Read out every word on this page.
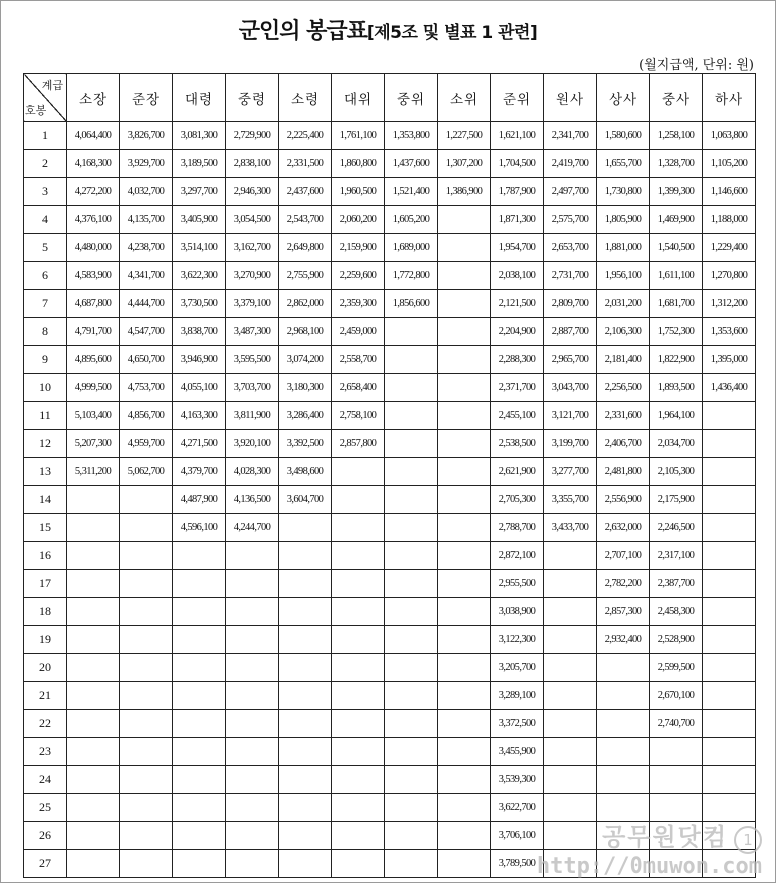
군인의 봉급표[제5조 및 별표 1 관련]
(월지급액, 단위: 원)
계급
호봉	소장	준장	대령	중령	소령	대위	중위	소위	준위	원사	상사	중사	하사
1	4,064,400	3,826,700	3,081,300	2,729,900	2,225,400	1,761,100	1,353,800	1,227,500	1,621,100	2,341,700	1,580,600	1,258,100	1,063,800
2	4,168,300	3,929,700	3,189,500	2,838,100	2,331,500	1,860,800	1,437,600	1,307,200	1,704,500	2,419,700	1,655,700	1,328,700	1,105,200
3	4,272,200	4,032,700	3,297,700	2,946,300	2,437,600	1,960,500	1,521,400	1,386,900	1,787,900	2,497,700	1,730,800	1,399,300	1,146,600
4	4,376,100	4,135,700	3,405,900	3,054,500	2,543,700	2,060,200	1,605,200		1,871,300	2,575,700	1,805,900	1,469,900	1,188,000
5	4,480,000	4,238,700	3,514,100	3,162,700	2,649,800	2,159,900	1,689,000		1,954,700	2,653,700	1,881,000	1,540,500	1,229,400
6	4,583,900	4,341,700	3,622,300	3,270,900	2,755,900	2,259,600	1,772,800		2,038,100	2,731,700	1,956,100	1,611,100	1,270,800
7	4,687,800	4,444,700	3,730,500	3,379,100	2,862,000	2,359,300	1,856,600		2,121,500	2,809,700	2,031,200	1,681,700	1,312,200
8	4,791,700	4,547,700	3,838,700	3,487,300	2,968,100	2,459,000			2,204,900	2,887,700	2,106,300	1,752,300	1,353,600
9	4,895,600	4,650,700	3,946,900	3,595,500	3,074,200	2,558,700			2,288,300	2,965,700	2,181,400	1,822,900	1,395,000
10	4,999,500	4,753,700	4,055,100	3,703,700	3,180,300	2,658,400			2,371,700	3,043,700	2,256,500	1,893,500	1,436,400
11	5,103,400	4,856,700	4,163,300	3,811,900	3,286,400	2,758,100			2,455,100	3,121,700	2,331,600	1,964,100	
12	5,207,300	4,959,700	4,271,500	3,920,100	3,392,500	2,857,800			2,538,500	3,199,700	2,406,700	2,034,700	
13	5,311,200	5,062,700	4,379,700	4,028,300	3,498,600				2,621,900	3,277,700	2,481,800	2,105,300	
14			4,487,900	4,136,500	3,604,700				2,705,300	3,355,700	2,556,900	2,175,900	
15			4,596,100	4,244,700					2,788,700	3,433,700	2,632,000	2,246,500	
16									2,872,100		2,707,100	2,317,100	
17									2,955,500		2,782,200	2,387,700	
18									3,038,900		2,857,300	2,458,300	
19									3,122,300		2,932,400	2,528,900	
20									3,205,700			2,599,500	
21									3,289,100			2,670,100	
22									3,372,500			2,740,700	
23									3,455,900				
24									3,539,300				
25									3,622,700				
26									3,706,100				
27									3,789,500				
공무원닷컴 1
http://0muwon.com
